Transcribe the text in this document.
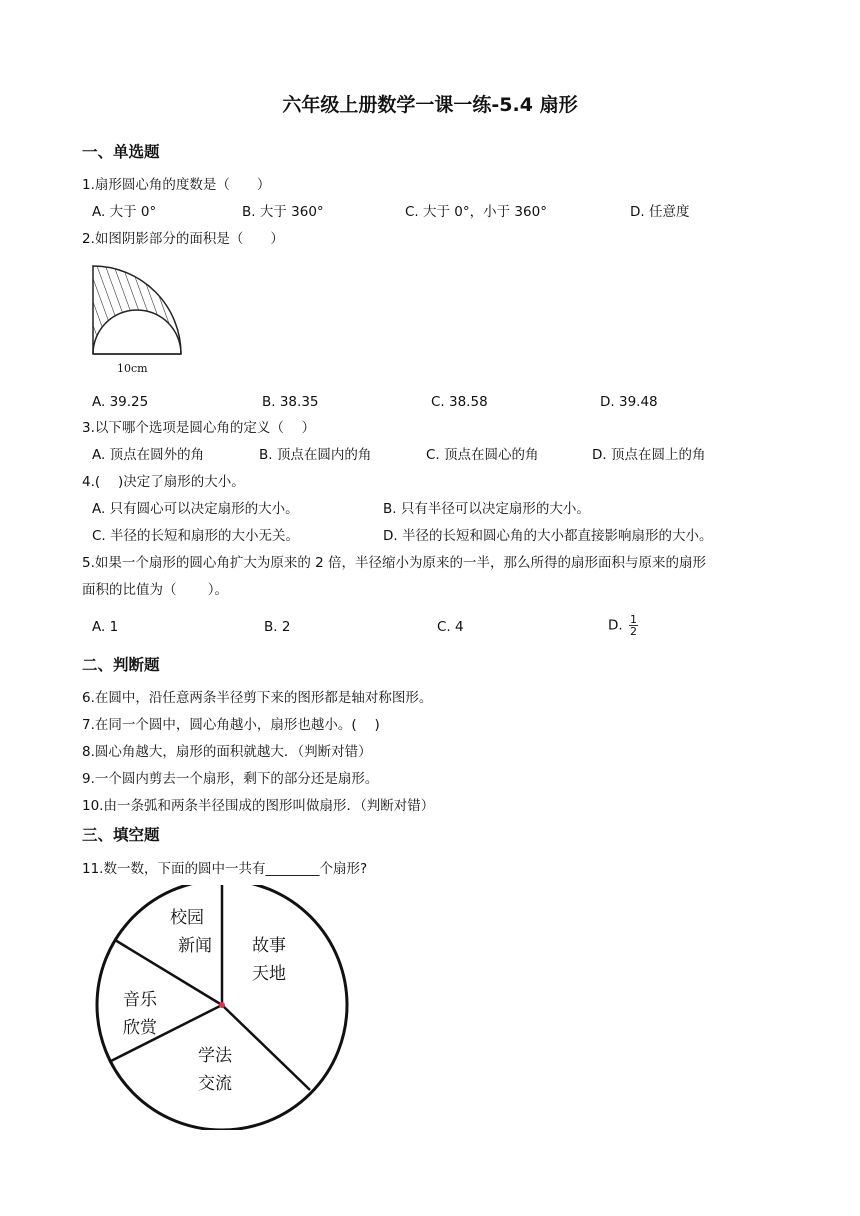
六年级上册数学一课一练-5.4 扇形
一、单选题
1.扇形圆心角的度数是（　　）
A. 大于 0°	B. 大于 360°	C. 大于 0°，小于 360°	D. 任意度
2.如图阴影部分的面积是（　　）
10cm
A. 39.25	B. 38.35	C. 38.58	D. 39.48
3.以下哪个选项是圆心角的定义（　 ）
A. 顶点在圆外的角	B. 顶点在圆内的角	C. 顶点在圆心的角	D. 顶点在圆上的角
4.(　 )决定了扇形的大小。
A. 只有圆心可以决定扇形的大小。	B. 只有半径可以决定扇形的大小。
C. 半径的长短和扇形的大小无关。	D. 半径的长短和圆心角的大小都直接影响扇形的大小。
5.如果一个扇形的圆心角扩大为原来的 2 倍，半径缩小为原来的一半，那么所得的扇形面积与原来的扇形
面积的比值为（　　 ）。
A. 1	B. 2	C. 4	D. $\frac{1}{2}$
二、判断题
6.在圆中，沿任意两条半径剪下来的图形都是轴对称图形。
7.在同一个圆中，圆心角越小，扇形也越小。(　 )
8.圆心角越大，扇形的面积就越大．（判断对错）
9.一个圆内剪去一个扇形，剩下的部分还是扇形。
10.由一条弧和两条半径围成的图形叫做扇形．（判断对错）
三、填空题
11.数一数，下面的圆中一共有________个扇形?
校园
新闻 故事
天地
音乐
欣赏
学法
交流
